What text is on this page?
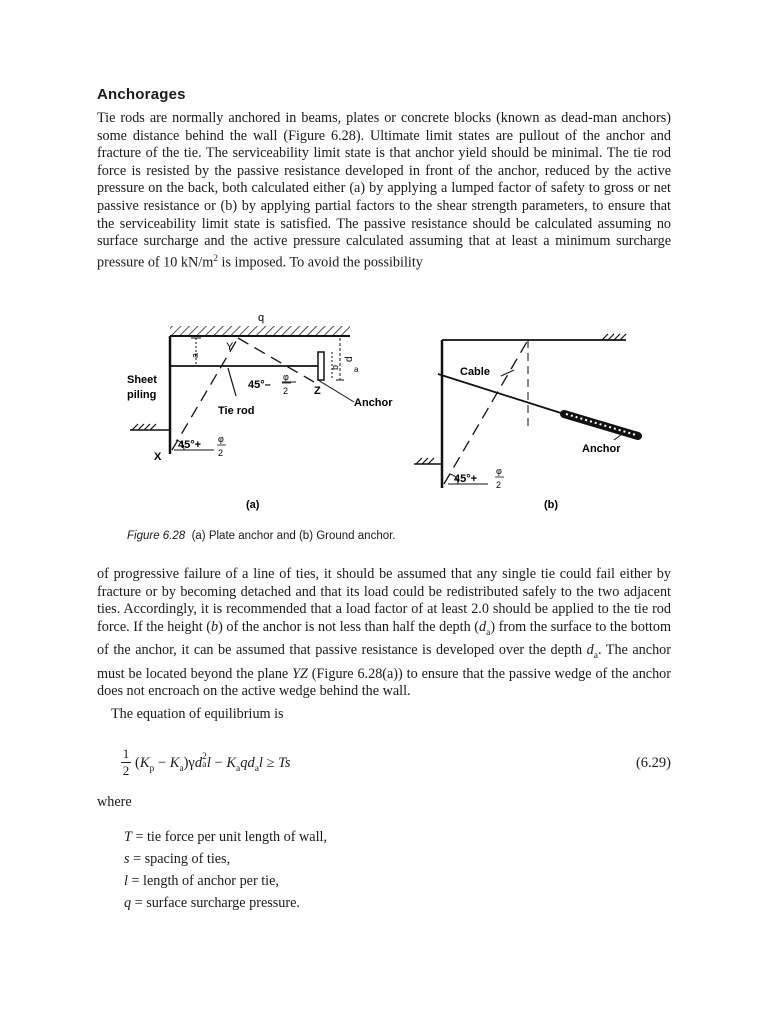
Anchorages
Tie rods are normally anchored in beams, plates or concrete blocks (known as dead-man anchors) some distance behind the wall (Figure 6.28). Ultimate limit states are pullout of the anchor and fracture of the tie. The serviceability limit state is that anchor yield should be minimal. The tie rod force is resisted by the passive resistance developed in front of the anchor, reduced by the active pressure on the back, both calculated either (a) by applying a lumped factor of safety to gross or net passive resistance or (b) by applying partial factors to the shear strength parameters, to ensure that the serviceability limit state is satisfied. The passive resistance should be calculated assuming no surface surcharge and the active pressure calculated assuming that at least a minimum surcharge pressure of 10 $kN/m^2$ is imposed. To avoid the possibility
q
a
Y
d
a
b
Sheet
piling
45°–
φ
2 Z
Anchor
Tie rod
45°+ φ
2
X
(a)
Cable
Anchor
45°+
φ
2
(b)
Figure 6.28 (a) Plate anchor and (b) Ground anchor.
of progressive failure of a line of ties, it should be assumed that any single tie could fail either by fracture or by becoming detached and that its load could be redistributed safely to the two adjacent ties. Accordingly, it is recommended that a load factor of at least 2.0 should be applied to the tie rod force. If the height (b) of the anchor is not less than half the depth $(d_a)$ from the surface to the bottom of the anchor, it can be assumed that passive resistance is developed over the depth $d_a$. The anchor must be located beyond the plane YZ (Figure 6.28(a)) to ensure that the passive wedge of the anchor does not encroach on the active wedge behind the wall.
The equation of equilibrium is
1
2 $(K_p - K_a)\gamma d$ 2
a $l - K_aqd_al \ge Ts$	(6.29)
where
T = tie force per unit length of wall,
s = spacing of ties,
l = length of anchor per tie,
q = surface surcharge pressure.
